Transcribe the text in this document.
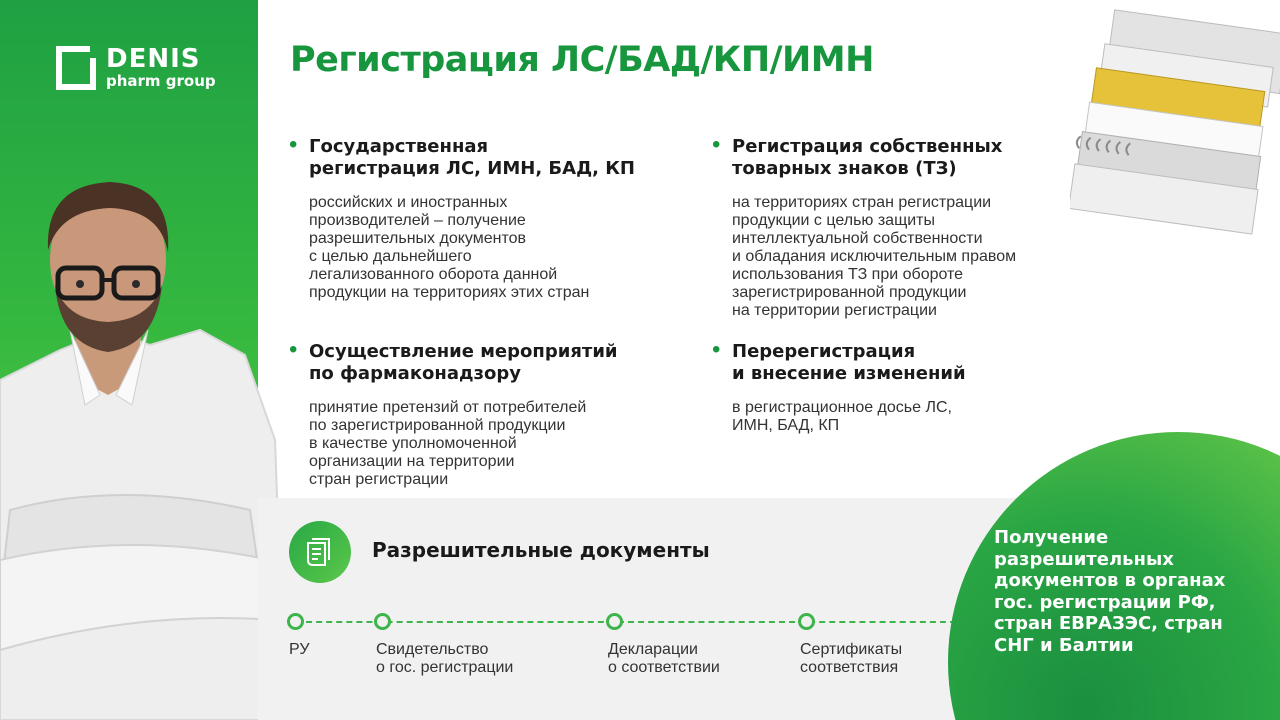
DENIS
pharm group
Регистрация ЛС/БАД/КП/ИМН
• Государственная
регистрация ЛС, ИМН, БАД, КП
российских и иностранных
производителей – получение
разрешительных документов
с целью дальнейшего
легализованного оборота данной
продукции на территориях этих стран
• Регистрация собственных
товарных знаков (ТЗ)
на территориях стран регистрации
продукции с целью защиты
интеллектуальной собственности
и обладания исключительным правом
использования ТЗ при обороте
зарегистрированной продукции
на территории регистрации
• Осуществление мероприятий
по фармаконадзору
принятие претензий от потребителей
по зарегистрированной продукции
в качестве уполномоченной
организации на территории
стран регистрации
• Перерегистрация
и внесение изменений
в регистрационное досье ЛС,
ИМН, БАД, КП
Разрешительные документы
РУ	Свидетельство
о гос. регистрации
Декларации
о соответствии
Сертификаты
соответствия
Получение
разрешительных
документов в органах
гос. регистрации РФ,
стран ЕВРАЗЭС, стран
СНГ и Балтии
